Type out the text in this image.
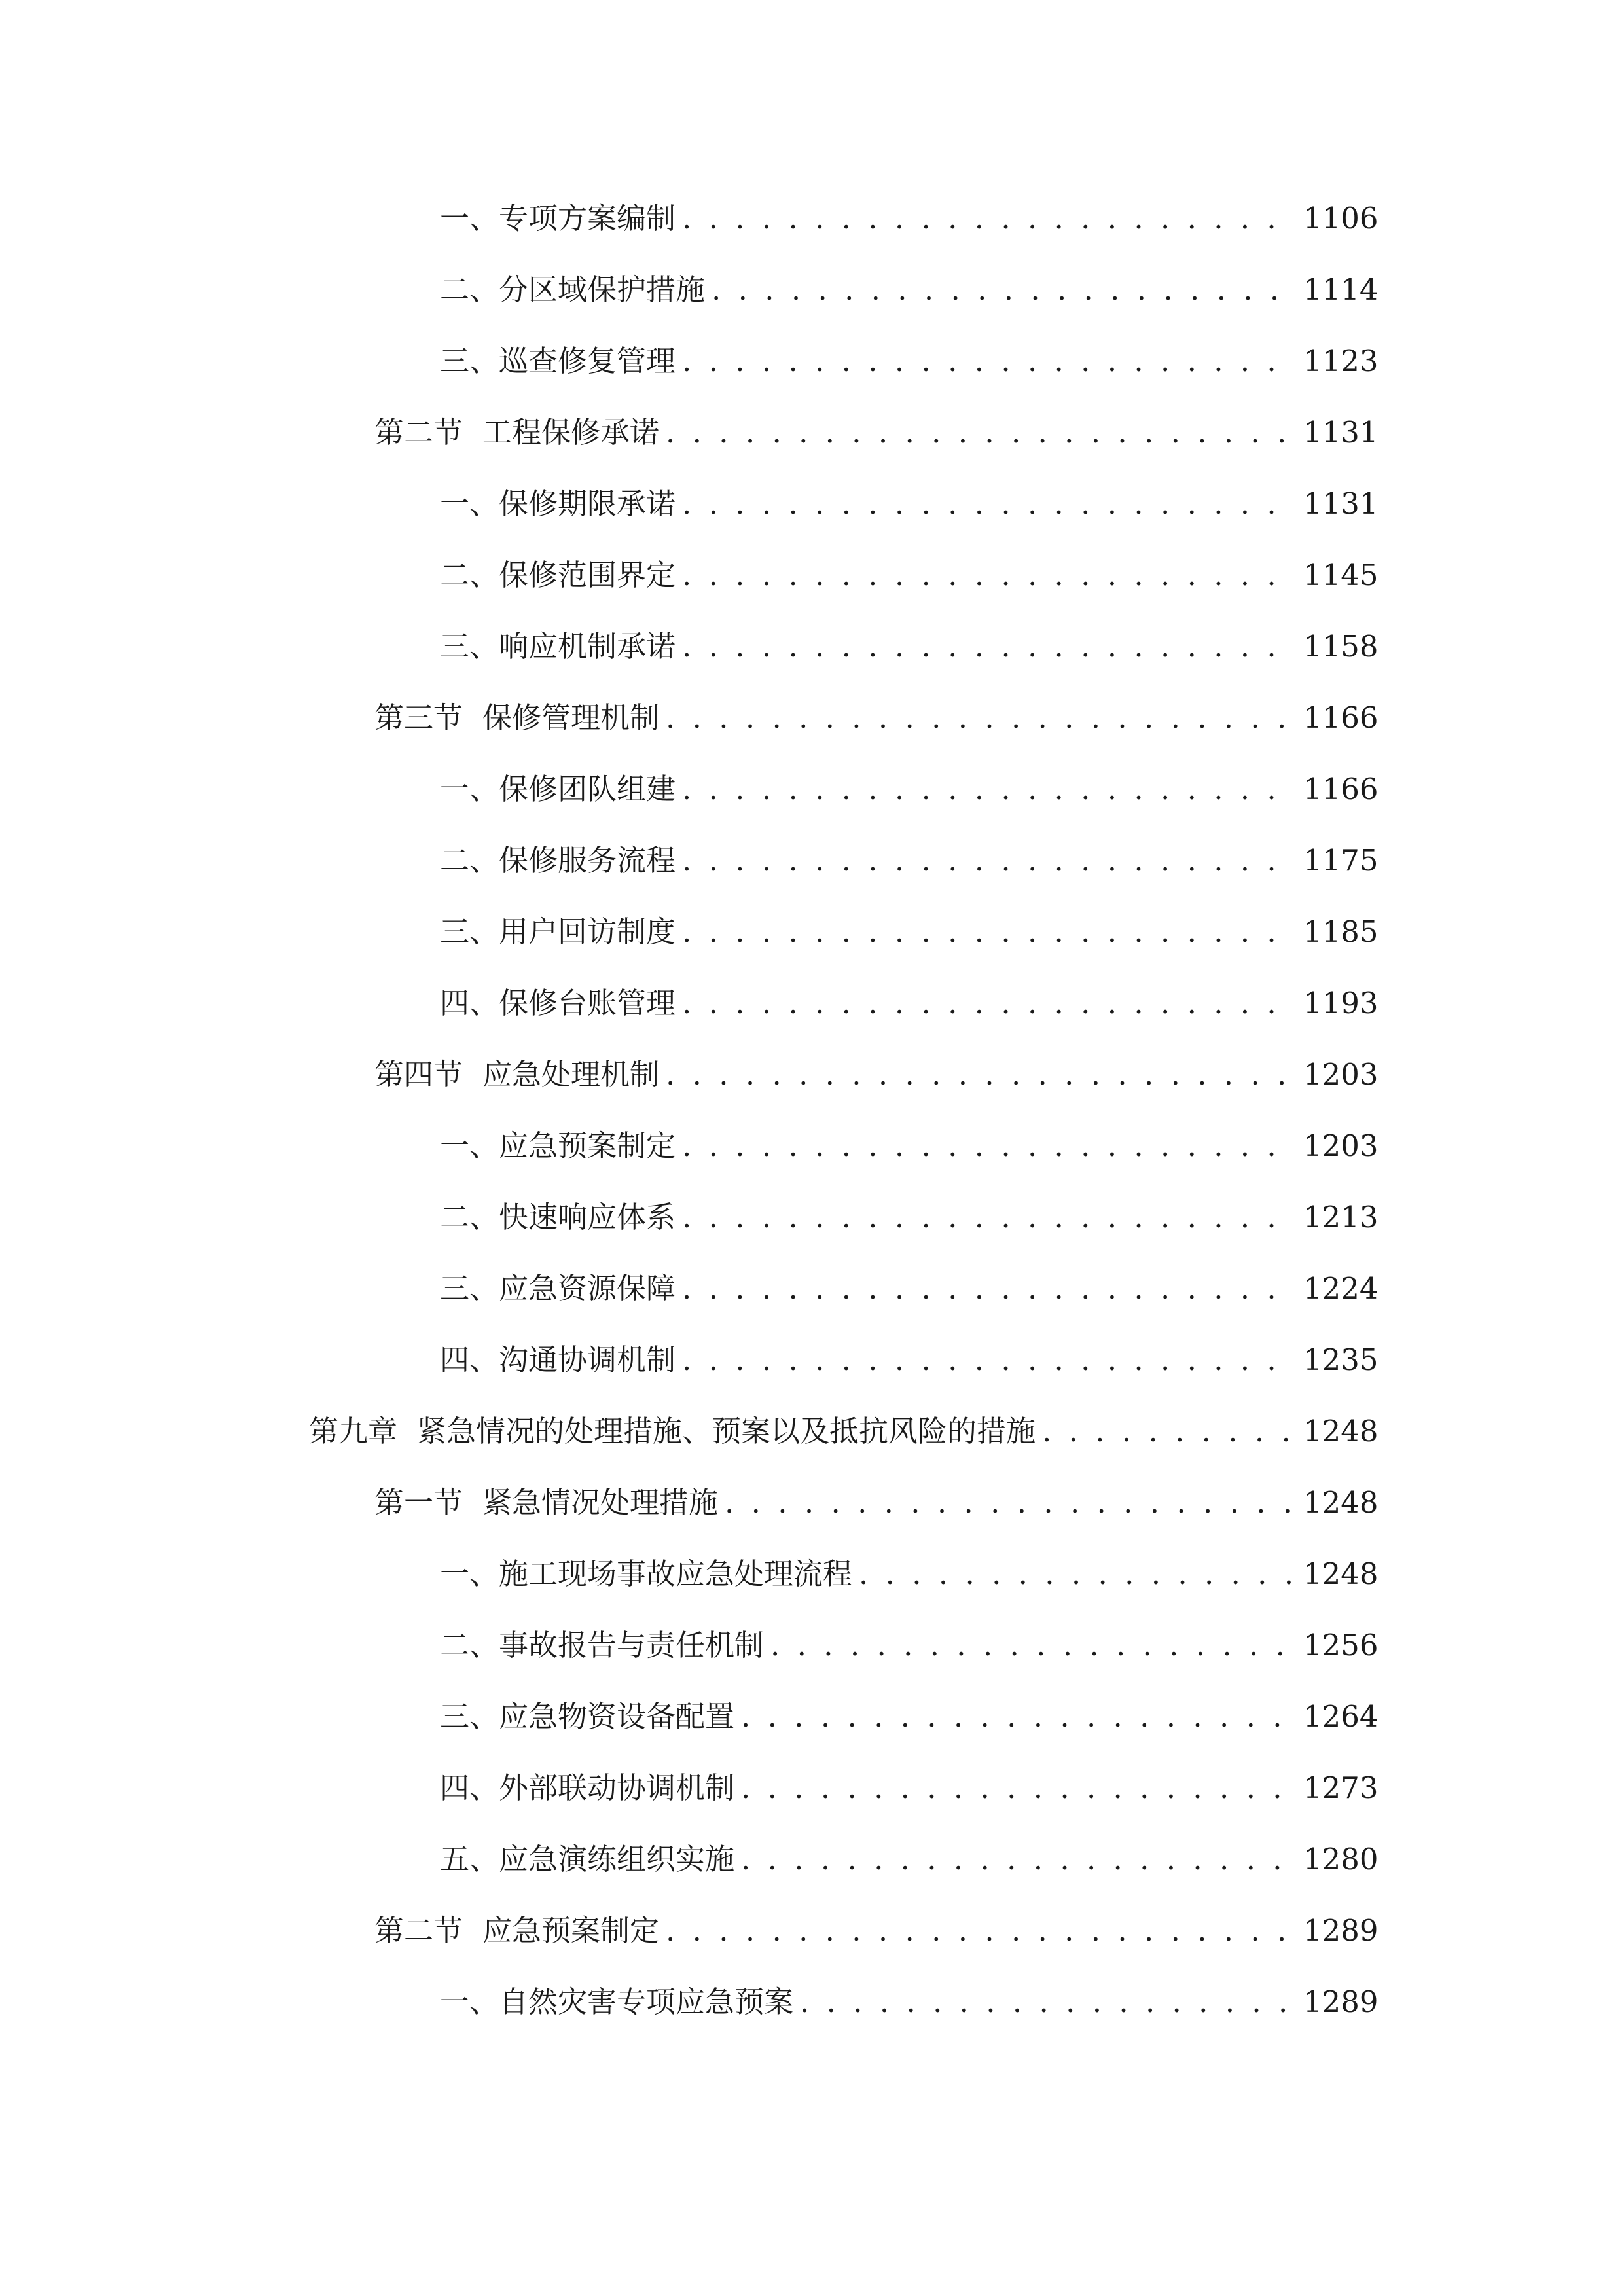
一、 专项方案编制 . . .	1106
二、 分区域保护措施 . . .	1114
三、 巡查修复管理 . . .	1123
第二节 工程保修承诺 . . .	1131
一、 保修期限承诺 . . .	1131
二、 保修范围界定 . . .	1145
三、 响应机制承诺 . . .	1158
第三节 保修管理机制 . . .	1166
一、 保修团队组建 . . .	1166
二、 保修服务流程 . . .	1175
三、 用户回访制度 . . .	1185
四、 保修台账管理 . . .	1193
第四节 应急处理机制 . . .	1203
一、 应急预案制定 . . .	1203
二、 快速响应体系 . . .	1213
三、 应急资源保障 . . .	1224
四、 沟通协调机制 . . .	1235
第九章 紧急情况的处理措施、预案以及抵抗风险的措施 . . .	1248
第一节 紧急情况处理措施 . . .	1248
一、 施工现场事故应急处理流程 . . .	1248
二、 事故报告与责任机制 . . .	1256
三、 应急物资设备配置 . . .	1264
四、 外部联动协调机制 . . .	1273
五、 应急演练组织实施 . . .	1280
第二节 应急预案制定 . . .	1289
一、 自然灾害专项应急预案 . . .	1289
